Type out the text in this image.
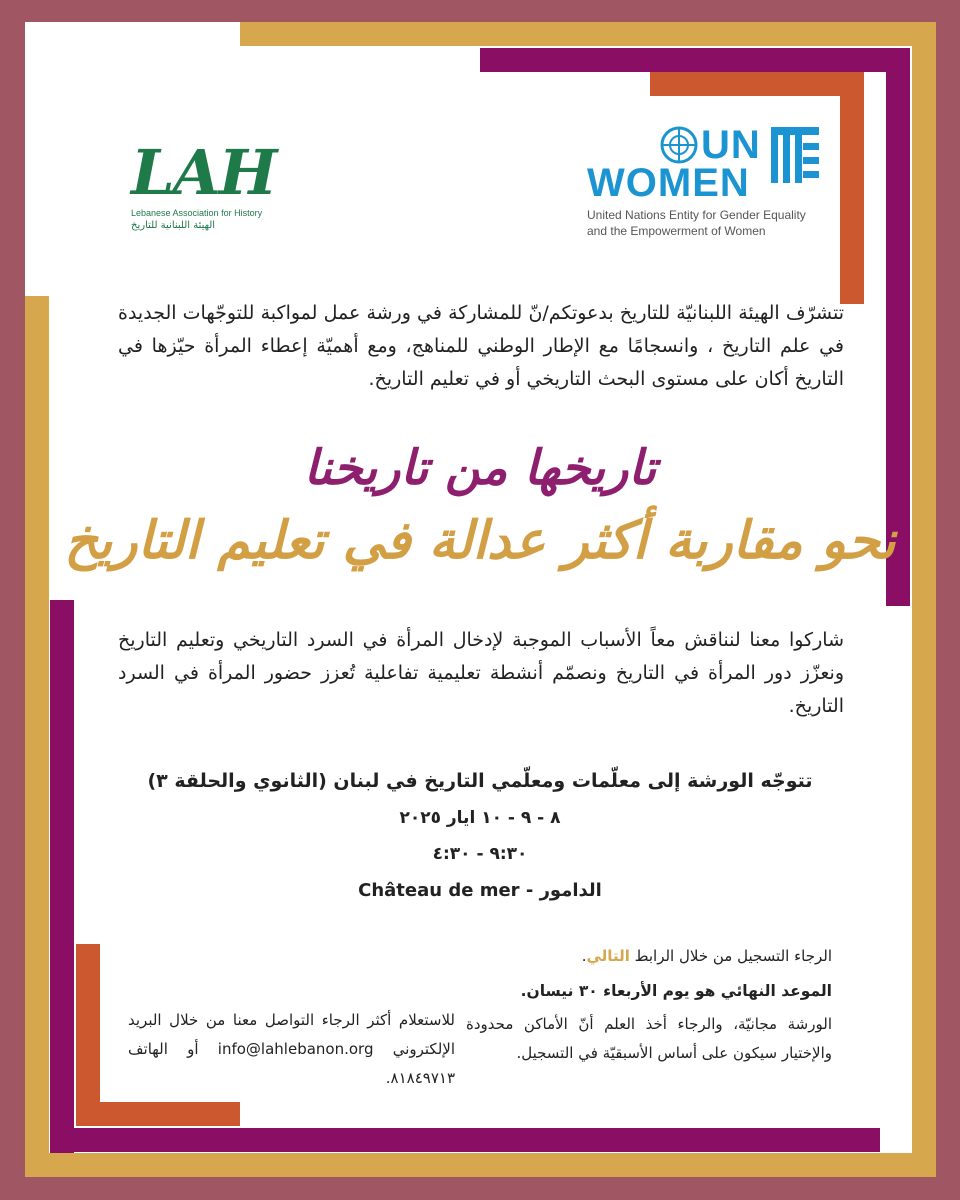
LAH
Lebanese Association for History
الهيئة اللبنانية للتاريخ
UN
WOMEN
United Nations Entity for Gender Equality
and the Empowerment of Women
تتشرّف الهيئة اللبنانيّة للتاريخ بدعوتكم/نّ للمشاركة في ورشة عمل لمواكبة للتوجّهات الجديدة في علم التاريخ ، وانسجامًا مع الإطار الوطني للمناهج، ومع أهميّة إعطاء المرأة حيّزها في التاريخ أكان على مستوى البحث التاريخي أو في تعليم التاريخ.
تاريخها من تاريخنا
نحو مقاربة أكثر عدالة في تعليم التاريخ
شاركوا معنا لنناقش معاً الأسباب الموجبة لإدخال المرأة في السرد التاريخي وتعليم التاريخ ونعزّز دور المرأة في التاريخ ونصمّم أنشطة تعليمية تفاعلية تُعزز حضور المرأة في السرد التاريخ.
تتوجّه الورشة إلى معلّمات ومعلّمي التاريخ في لبنان (الثانوي والحلقة ٣)
٨ - ٩ - ١٠ ايار ٢٠٢٥
٩:٣٠ - ٤:٣٠
الدامور - Château de mer
الرجاء التسجيل من خلال الرابط التالي.
الموعد النهائي هو يوم الأربعاء ٣٠ نيسان.
الورشة مجانيّة، والرجاء أخذ العلم أنّ الأماكن محدودة والإختيار سيكون على أساس الأسبقيّة في التسجيل.
للاستعلام أكثر الرجاء التواصل معنا من خلال البريد الإلكتروني info@lahlebanon.org أو الهاتف ٨١٨٤٩٧١٣.
